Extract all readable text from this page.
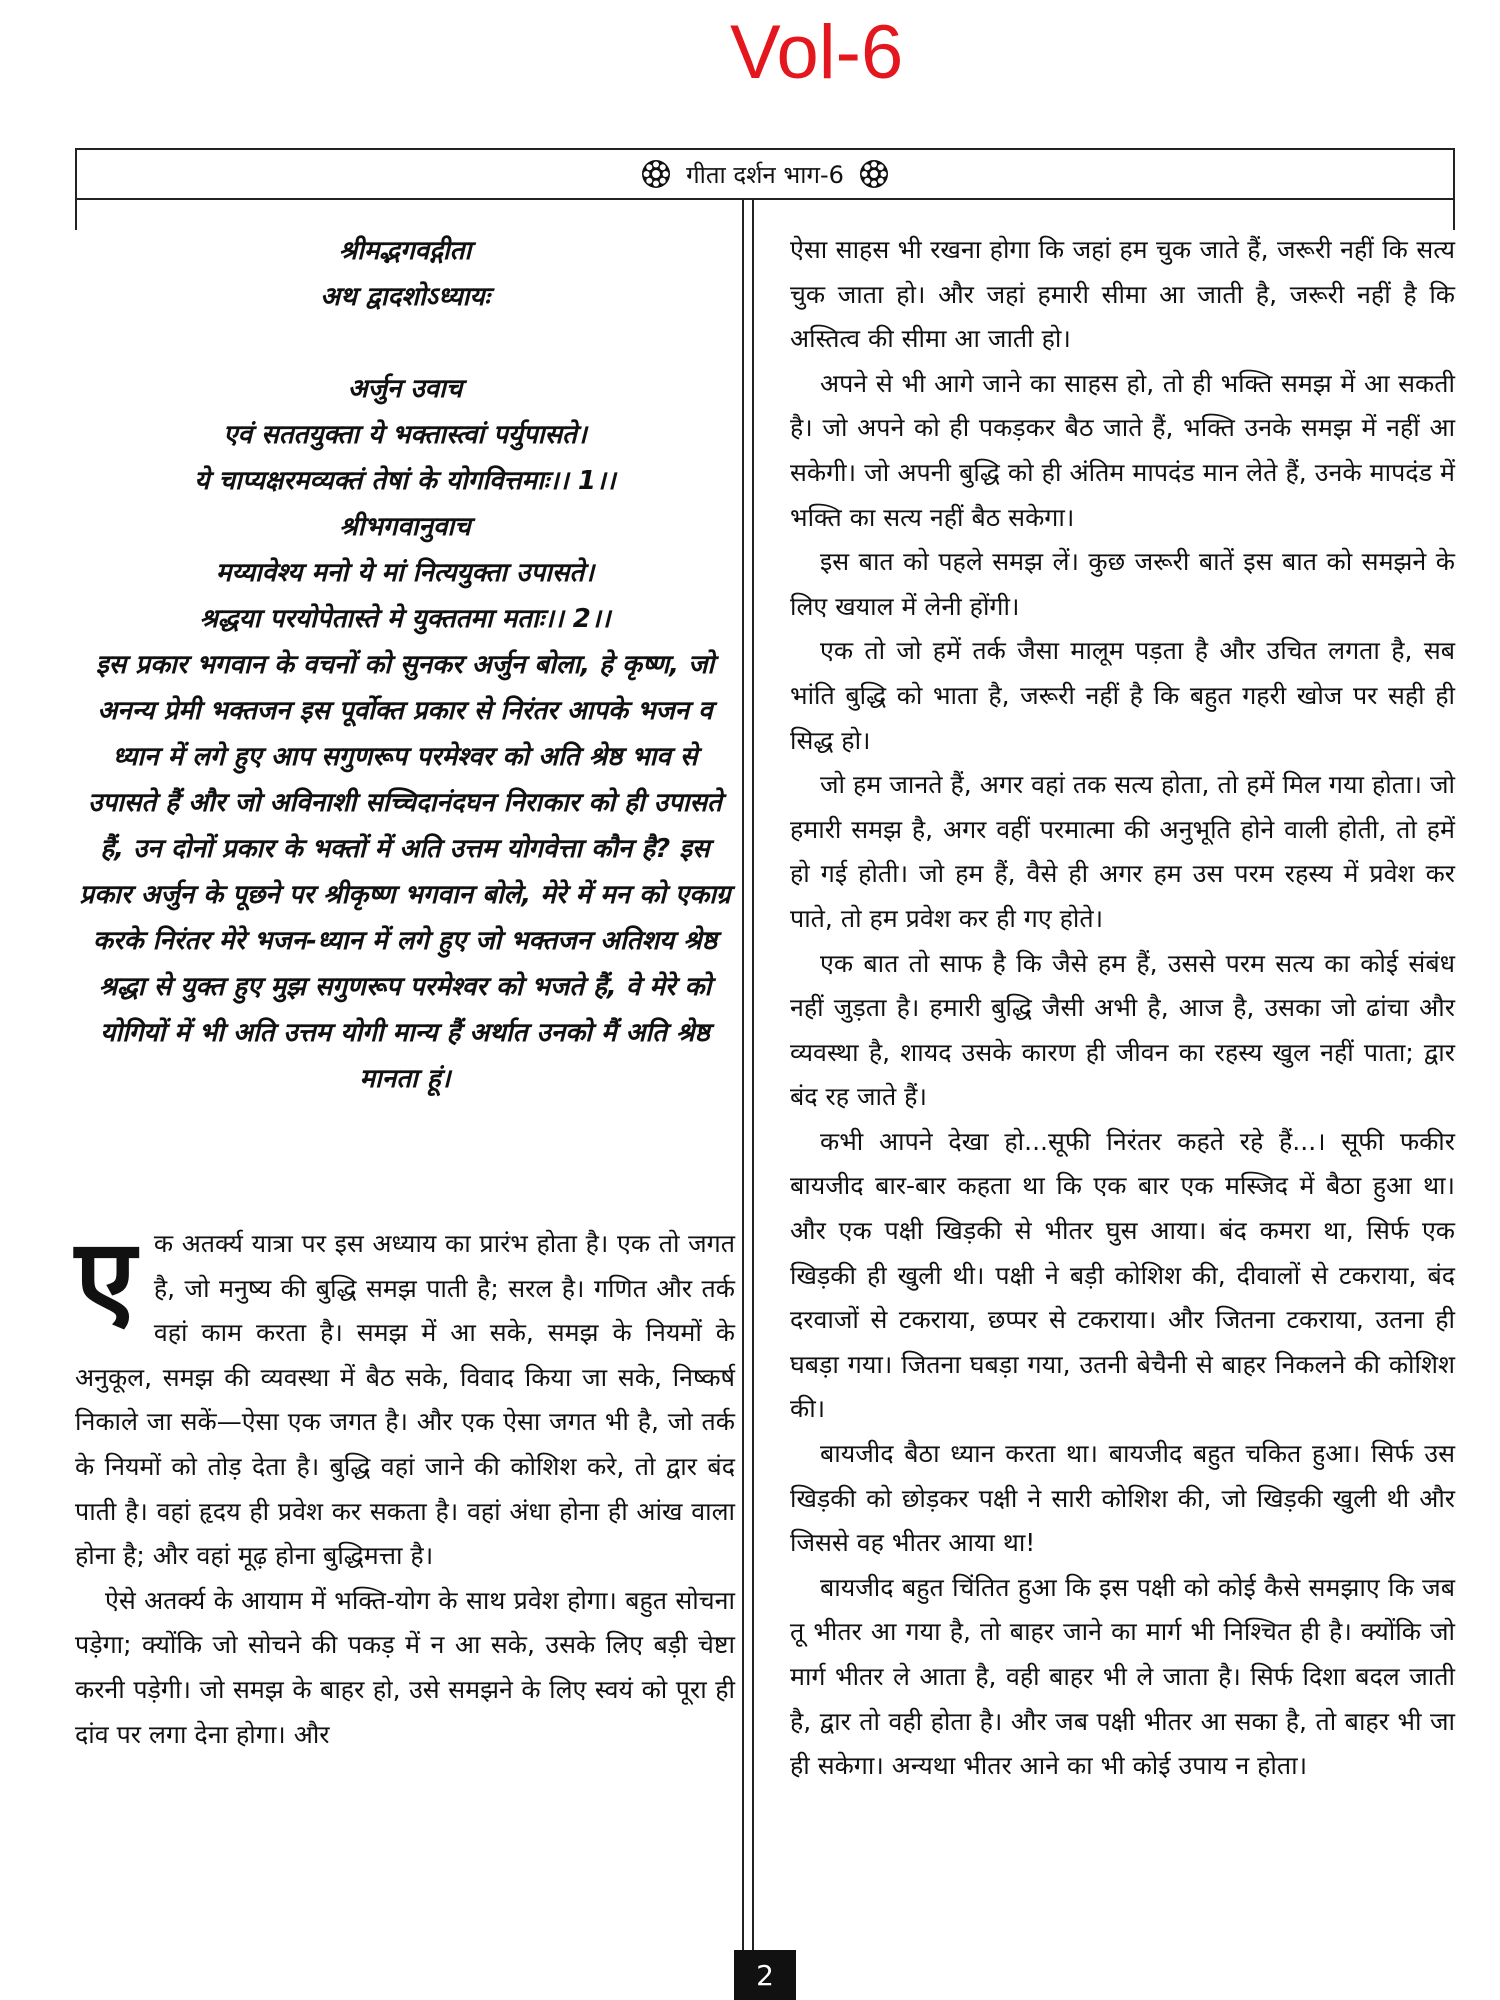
Vol-6
गीता दर्शन भाग-6

श्रीमद्भगवद्गीता

अथ द्वादशोऽध्यायः

अर्जुन उवाच

एवं सततयुक्ता ये भक्तास्त्वां पर्युपासते।

ये चाप्यक्षरमव्यक्तं तेषां के योगवित्तमाः।। 1।।

श्रीभगवानुवाच

मय्यावेश्य मनो ये मां नित्ययुक्ता उपासते।

श्रद्धया परयोपेतास्ते मे युक्ततमा मताः।। 2।।

इस प्रकार भगवान के वचनों को सुनकर अर्जुन बोला, हे कृष्ण, जो अनन्य प्रेमी भक्तजन इस पूर्वोक्त प्रकार से निरंतर आपके भजन व ध्यान में लगे हुए आप सगुणरूप परमेश्वर को अति श्रेष्ठ भाव से उपासते हैं और जो अविनाशी सच्चिदानंदघन निराकार को ही उपासते हैं, उन दोनों प्रकार के भक्तों में अति उत्तम योगवेत्ता कौन है? इस प्रकार अर्जुन के पूछने पर श्रीकृष्ण भगवान बोले, मेरे में मन को एकाग्र करके निरंतर मेरे भजन-ध्यान में लगे हुए जो भक्तजन अतिशय श्रेष्ठ श्रद्धा से युक्त हुए मुझ सगुणरूप परमेश्वर को भजते हैं, वे मेरे को योगियों में भी अति उत्तम योगी मान्य हैं अर्थात उनको मैं अति श्रेष्ठ मानता हूं।

एक अतर्क्य यात्रा पर इस अध्याय का प्रारंभ होता है। एक तो जगत है, जो मनुष्य की बुद्धि समझ पाती है; सरल है। गणित और तर्क वहां काम करता है। समझ में आ सके, समझ के नियमों के अनुकूल, समझ की व्यवस्था में बैठ सके, विवाद किया जा सके, निष्कर्ष निकाले जा सकें—ऐसा एक जगत है। और एक ऐसा जगत भी है, जो तर्क के नियमों को तोड़ देता है। बुद्धि वहां जाने की कोशिश करे, तो द्वार बंद पाती है। वहां हृदय ही प्रवेश कर सकता है। वहां अंधा होना ही आंख वाला होना है; और वहां मूढ़ होना बुद्धिमत्ता है।

ऐसे अतर्क्य के आयाम में भक्ति-योग के साथ प्रवेश होगा। बहुत सोचना पड़ेगा; क्योंकि जो सोचने की पकड़ में न आ सके, उसके लिए बड़ी चेष्टा करनी पड़ेगी। जो समझ के बाहर हो, उसे समझने के लिए स्वयं को पूरा ही दांव पर लगा देना होगा। और

ऐसा साहस भी रखना होगा कि जहां हम चुक जाते हैं, जरूरी नहीं कि सत्य चुक जाता हो। और जहां हमारी सीमा आ जाती है, जरूरी नहीं है कि अस्तित्व की सीमा आ जाती हो।

अपने से भी आगे जाने का साहस हो, तो ही भक्ति समझ में आ सकती है। जो अपने को ही पकड़कर बैठ जाते हैं, भक्ति उनके समझ में नहीं आ सकेगी। जो अपनी बुद्धि को ही अंतिम मापदंड मान लेते हैं, उनके मापदंड में भक्ति का सत्य नहीं बैठ सकेगा।

इस बात को पहले समझ लें। कुछ जरूरी बातें इस बात को समझने के लिए खयाल में लेनी होंगी।

एक तो जो हमें तर्क जैसा मालूम पड़ता है और उचित लगता है, सब भांति बुद्धि को भाता है, जरूरी नहीं है कि बहुत गहरी खोज पर सही ही सिद्ध हो।

जो हम जानते हैं, अगर वहां तक सत्य होता, तो हमें मिल गया होता। जो हमारी समझ है, अगर वहीं परमात्मा की अनुभूति होने वाली होती, तो हमें हो गई होती। जो हम हैं, वैसे ही अगर हम उस परम रहस्य में प्रवेश कर पाते, तो हम प्रवेश कर ही गए होते।

एक बात तो साफ है कि जैसे हम हैं, उससे परम सत्य का कोई संबंध नहीं जुड़ता है। हमारी बुद्धि जैसी अभी है, आज है, उसका जो ढांचा और व्यवस्था है, शायद उसके कारण ही जीवन का रहस्य खुल नहीं पाता; द्वार बंद रह जाते हैं।

कभी आपने देखा हो...सूफी निरंतर कहते रहे हैं...। सूफी फकीर बायजीद बार-बार कहता था कि एक बार एक मस्जिद में बैठा हुआ था। और एक पक्षी खिड़की से भीतर घुस आया। बंद कमरा था, सिर्फ एक खिड़की ही खुली थी। पक्षी ने बड़ी कोशिश की, दीवालों से टकराया, बंद दरवाजों से टकराया, छप्पर से टकराया। और जितना टकराया, उतना ही घबड़ा गया। जितना घबड़ा गया, उतनी बेचैनी से बाहर निकलने की कोशिश की।

बायजीद बैठा ध्यान करता था। बायजीद बहुत चकित हुआ। सिर्फ उस खिड़की को छोड़कर पक्षी ने सारी कोशिश की, जो खिड़की खुली थी और जिससे वह भीतर आया था!

बायजीद बहुत चिंतित हुआ कि इस पक्षी को कोई कैसे समझाए कि जब तू भीतर आ गया है, तो बाहर जाने का मार्ग भी निश्चित ही है। क्योंकि जो मार्ग भीतर ले आता है, वही बाहर भी ले जाता है। सिर्फ दिशा बदल जाती है, द्वार तो वही होता है। और जब पक्षी भीतर आ सका है, तो बाहर भी जा ही सकेगा। अन्यथा भीतर आने का भी कोई उपाय न होता।

2
